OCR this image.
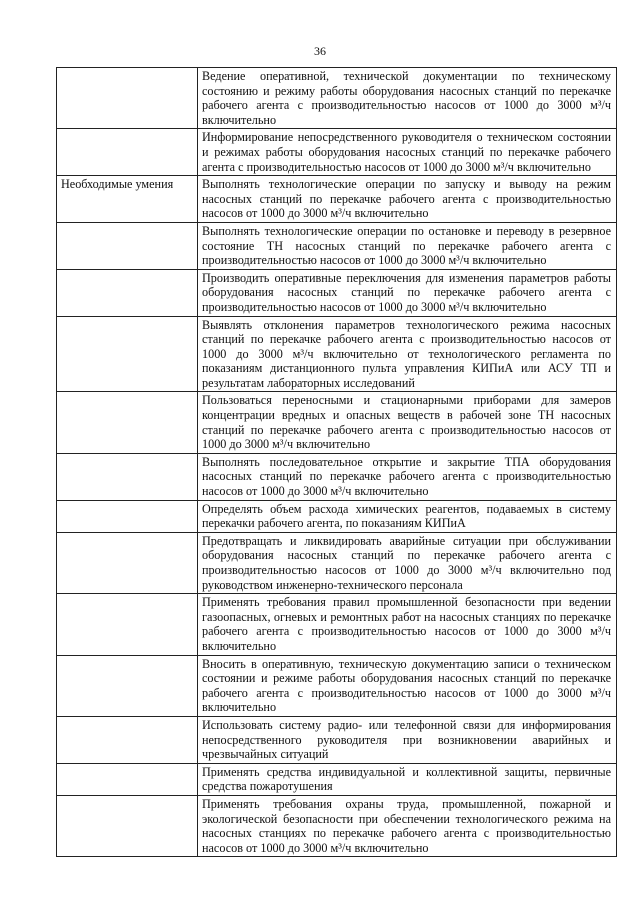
36
	Ведение оперативной, технической документации по техническому состоянию и режиму работы оборудования насосных станций по перекачке рабочего агента с производительностью насосов от 1000 до 3000 м³/ч включительно
	Информирование непосредственного руководителя о техническом состоянии и режимах работы оборудования насосных станций по перекачке рабочего агента с производительностью насосов от 1000 до 3000 м³/ч включительно
Необходимые умения	Выполнять технологические операции по запуску и выводу на режим насосных станций по перекачке рабочего агента с производительностью насосов от 1000 до 3000 м³/ч включительно
	Выполнять технологические операции по остановке и переводу в резервное состояние ТН насосных станций по перекачке рабочего агента с производительностью насосов от 1000 до 3000 м³/ч включительно
	Производить оперативные переключения для изменения параметров работы оборудования насосных станций по перекачке рабочего агента с производительностью насосов от 1000 до 3000 м³/ч включительно
	Выявлять отклонения параметров технологического режима насосных станций по перекачке рабочего агента с производительностью насосов от 1000 до 3000 м³/ч включительно от технологического регламента по показаниям дистанционного пульта управления КИПиА или АСУ ТП и результатам лабораторных исследований
	Пользоваться переносными и стационарными приборами для замеров концентрации вредных и опасных веществ в рабочей зоне ТН насосных станций по перекачке рабочего агента с производительностью насосов от 1000 до 3000 м³/ч включительно
	Выполнять последовательное открытие и закрытие ТПА оборудования насосных станций по перекачке рабочего агента с производительностью насосов от 1000 до 3000 м³/ч включительно
	Определять объем расхода химических реагентов, подаваемых в систему перекачки рабочего агента, по показаниям КИПиА
	Предотвращать и ликвидировать аварийные ситуации при обслуживании оборудования насосных станций по перекачке рабочего агента с производительностью насосов от 1000 до 3000 м³/ч включительно под руководством инженерно-технического персонала
	Применять требования правил промышленной безопасности при ведении газоопасных, огневых и ремонтных работ на насосных станциях по перекачке рабочего агента с производительностью насосов от 1000 до 3000 м³/ч включительно
	Вносить в оперативную, техническую документацию записи о техническом состоянии и режиме работы оборудования насосных станций по перекачке рабочего агента с производительностью насосов от 1000 до 3000 м³/ч включительно
	Использовать систему радио- или телефонной связи для информирования непосредственного руководителя при возникновении аварийных и чрезвычайных ситуаций
	Применять средства индивидуальной и коллективной защиты, первичные средства пожаротушения
	Применять требования охраны труда, промышленной, пожарной и экологической безопасности при обеспечении технологического режима на насосных станциях по перекачке рабочего агента с производительностью насосов от 1000 до 3000 м³/ч включительно
